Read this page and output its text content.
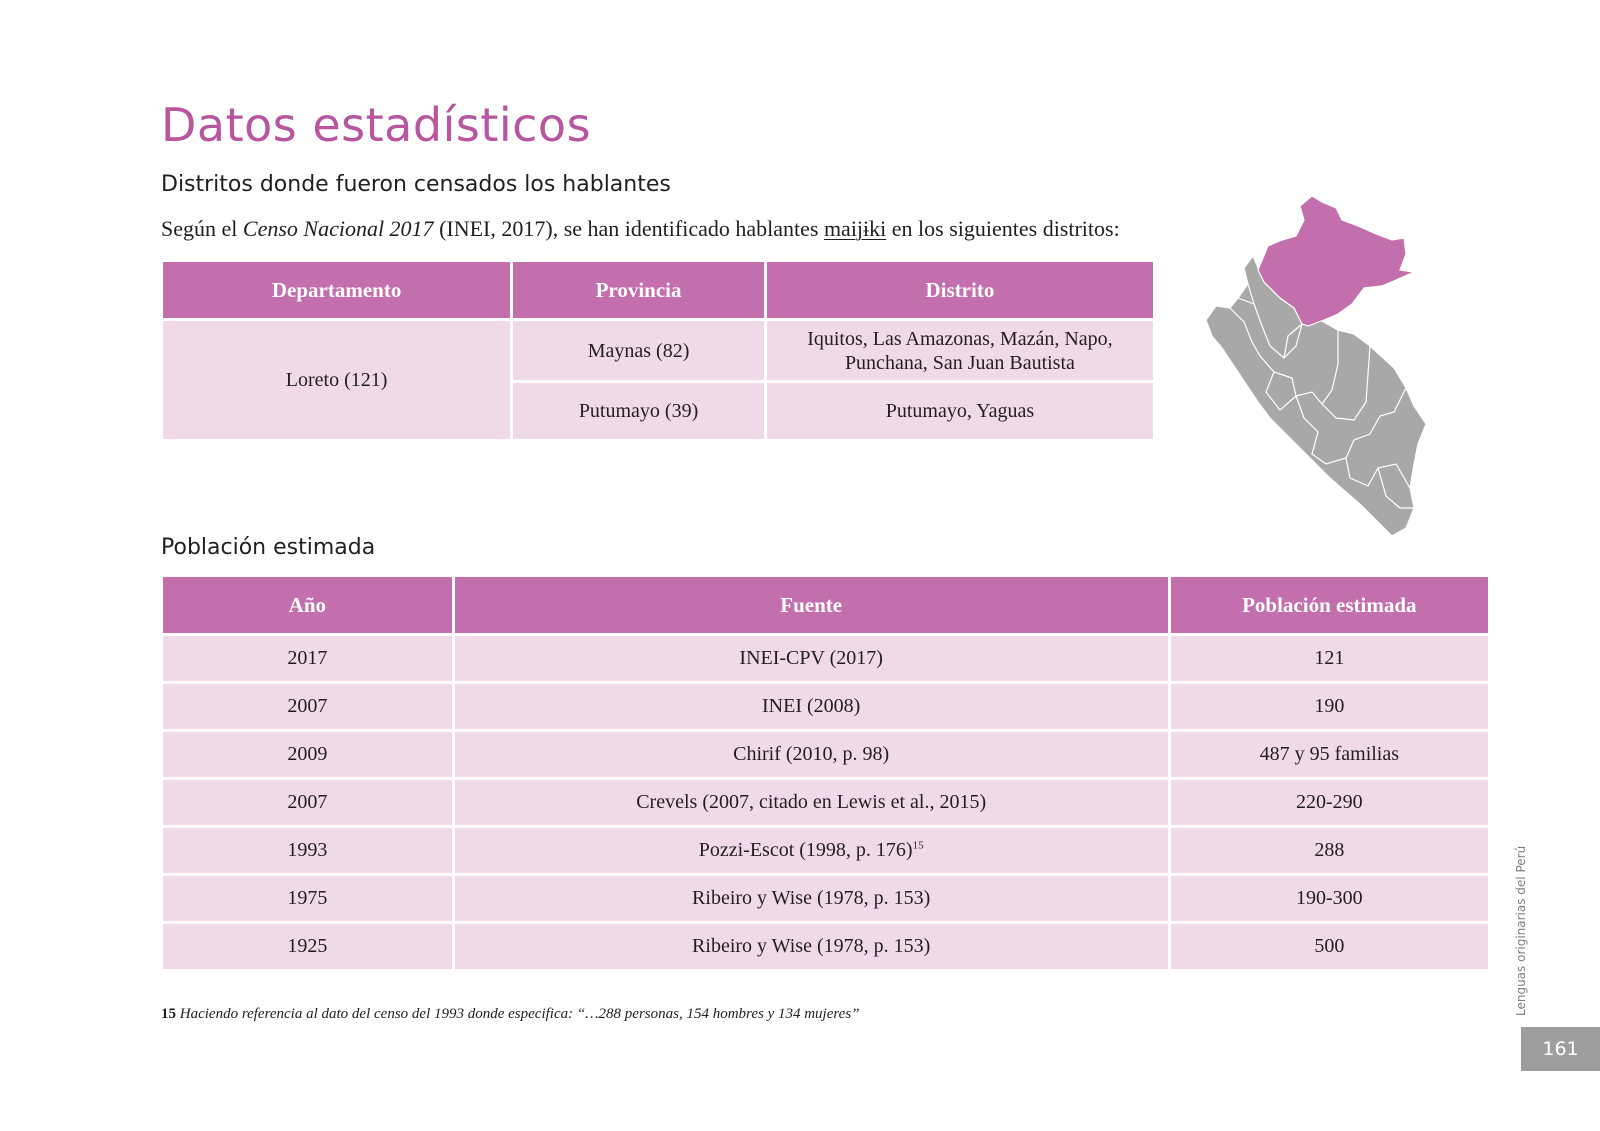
Datos estadísticos
Distritos donde fueron censados los hablantes

Según el Censo Nacional 2017 (INEI, 2017), se han identificado hablantes maijɨki en los siguientes distritos:

Departamento	Provincia	Distrito
Loreto (121)	Maynas (82)	Iquitos, Las Amazonas, Mazán, Napo, Punchana, San Juan Bautista
	Putumayo (39)	Putumayo, Yaguas
Población estimada
Año	Fuente	Población estimada
2017	INEI-CPV (2017)	121
2007	INEI (2008)	190
2009	Chirif (2010, p. 98)	487 y 95 familias
2007	Crevels (2007, citado en Lewis et al., 2015)	220-290
1993	Pozzi-Escot (1998, p. 176)$^{15}$	288
1975	Ribeiro y Wise (1978, p. 153)	190-300
1925	Ribeiro y Wise (1978, p. 153)	500

15 Haciendo referencia al dato del censo del 1993 donde especifica: “…288 personas, 154 hombres y 134 mujeres”	Lenguas originarias del Perú
161
